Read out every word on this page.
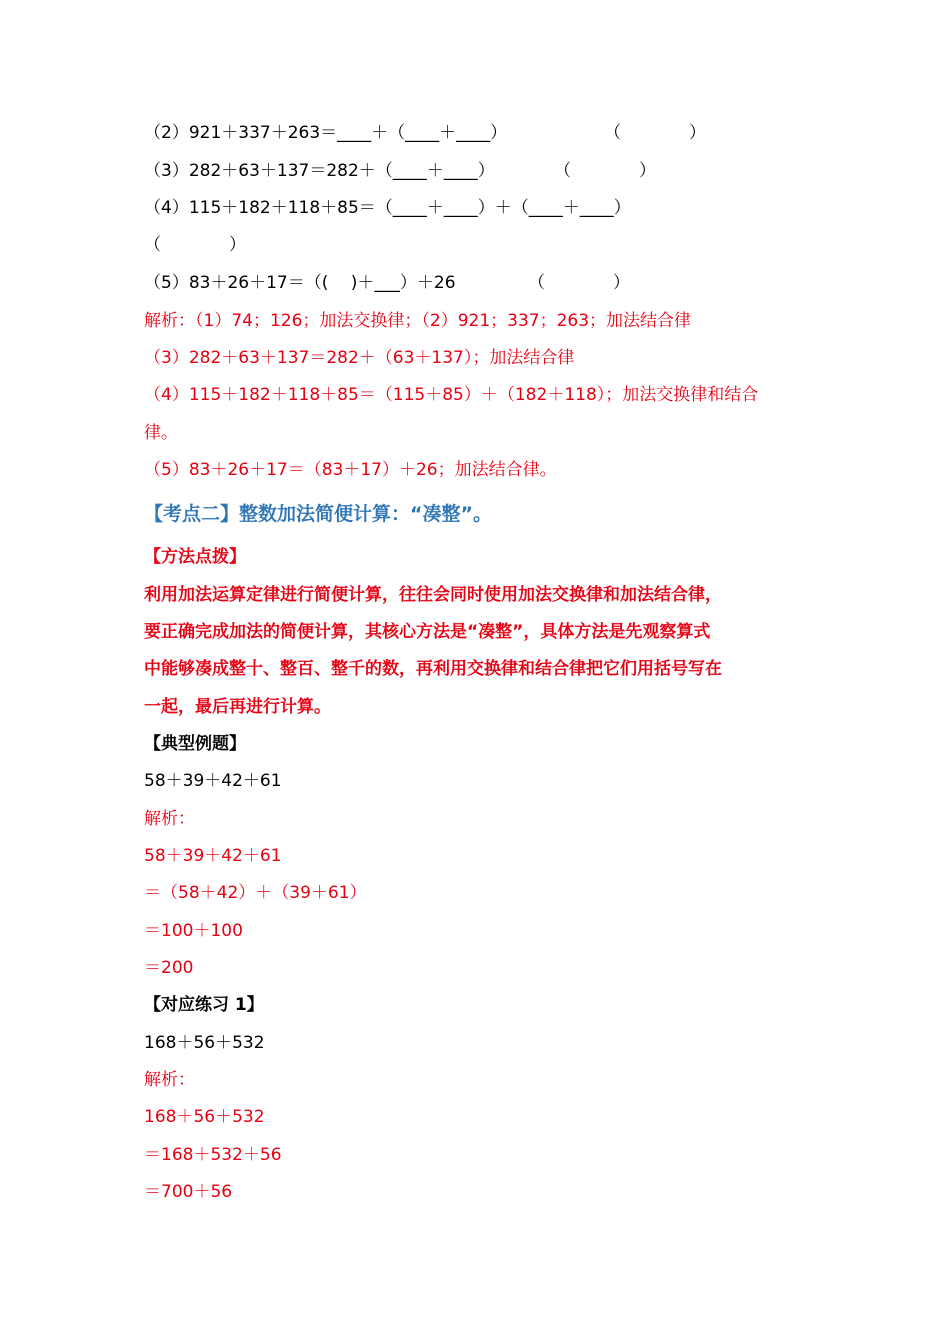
（2）921＋337＋263＝____＋（____＋____）	（　　　　）

（3）282＋63＋137＝282＋（____＋____）	（　　　　）

（4）115＋182＋118＋85＝（____＋____）＋（____＋____）

（　　　　）

（5）83＋26＋17＝（(　 )＋___）＋26	（　　　　）

解析：（1）74；126；加法交换律；（2）921；337；263；加法结合律

（3）282＋63＋137＝282＋（63＋137）；加法结合律

（4）115＋182＋118＋85＝（115＋85）＋（182＋118）；加法交换律和结合

律。

（5）83＋26＋17＝（83＋17）＋26；加法结合律。

【考点二】整数加法简便计算：“凑整”。

【方法点拨】

利用加法运算定律进行简便计算，往往会同时使用加法交换律和加法结合律，

要正确完成加法的简便计算，其核心方法是“凑整”，具体方法是先观察算式

中能够凑成整十、整百、整千的数，再利用交换律和结合律把它们用括号写在

一起，最后再进行计算。

【典型例题】

58＋39＋42＋61

解析：

58＋39＋42＋61

＝（58＋42）＋（39＋61）

＝100＋100

＝200

【对应练习 1】

168＋56＋532

解析：

168＋56＋532

＝168＋532＋56

＝700＋56
